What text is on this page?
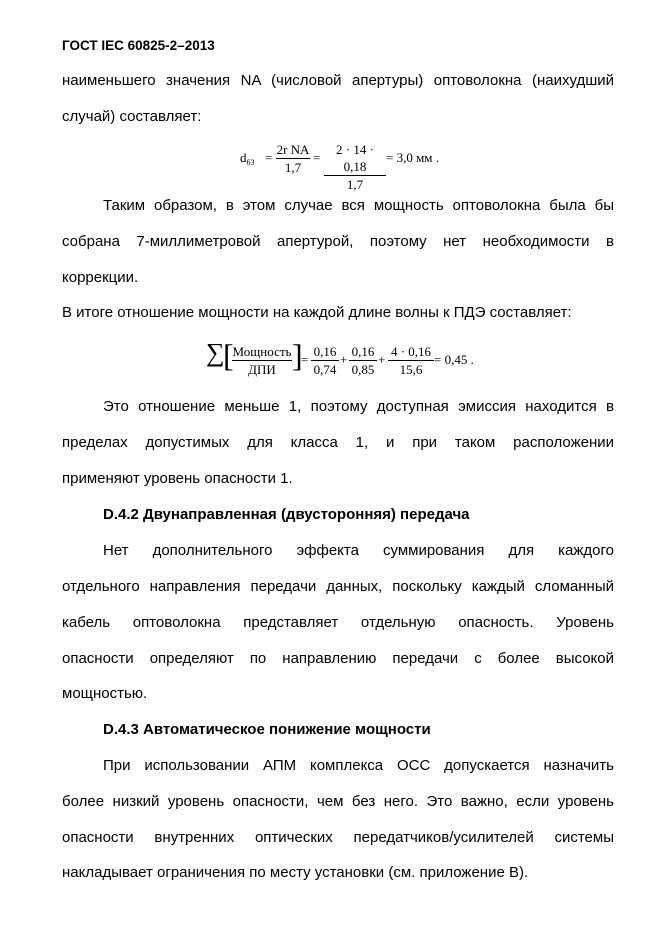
ГОСТ IEC 60825-2–2013
наименьшего значения NA (числовой апертуры) оптоволокна (наихудший
случай) составляет:
$d_{63}$ =
2r NA
1,7
=
2 · 14 · 0,18
1,7
= 3,0 мм .
Таким образом, в этом случае вся мощность оптоволокна была бы
собрана 7-миллиметровой апертурой, поэтому нет необходимости в
коррекции.
В итоге отношение мощности на каждой длине волны к ПДЭ составляет:
∑
[
Мощность
ДПИ ]
=
0,16
0,74
+
0,16
0,85
+
4 · 0,16
15,6
= 0,45 .
Это отношение меньше 1, поэтому доступная эмиссия находится в
пределах допустимых для класса 1, и при таком расположении
применяют уровень опасности 1.
D.4.2 Двунаправленная (двусторонняя) передача
Нет дополнительного эффекта суммирования для каждого
отдельного направления передачи данных, поскольку каждый сломанный
кабель оптоволокна представляет отдельную опасность. Уровень
опасности определяют по направлению передачи с более высокой
мощностью.
D.4.3 Автоматическое понижение мощности
При использовании АПМ комплекса ОСС допускается назначить
более низкий уровень опасности, чем без него. Это важно, если уровень
опасности внутренних оптических передатчиков/усилителей системы
накладывает ограничения по месту установки (см. приложение В).
